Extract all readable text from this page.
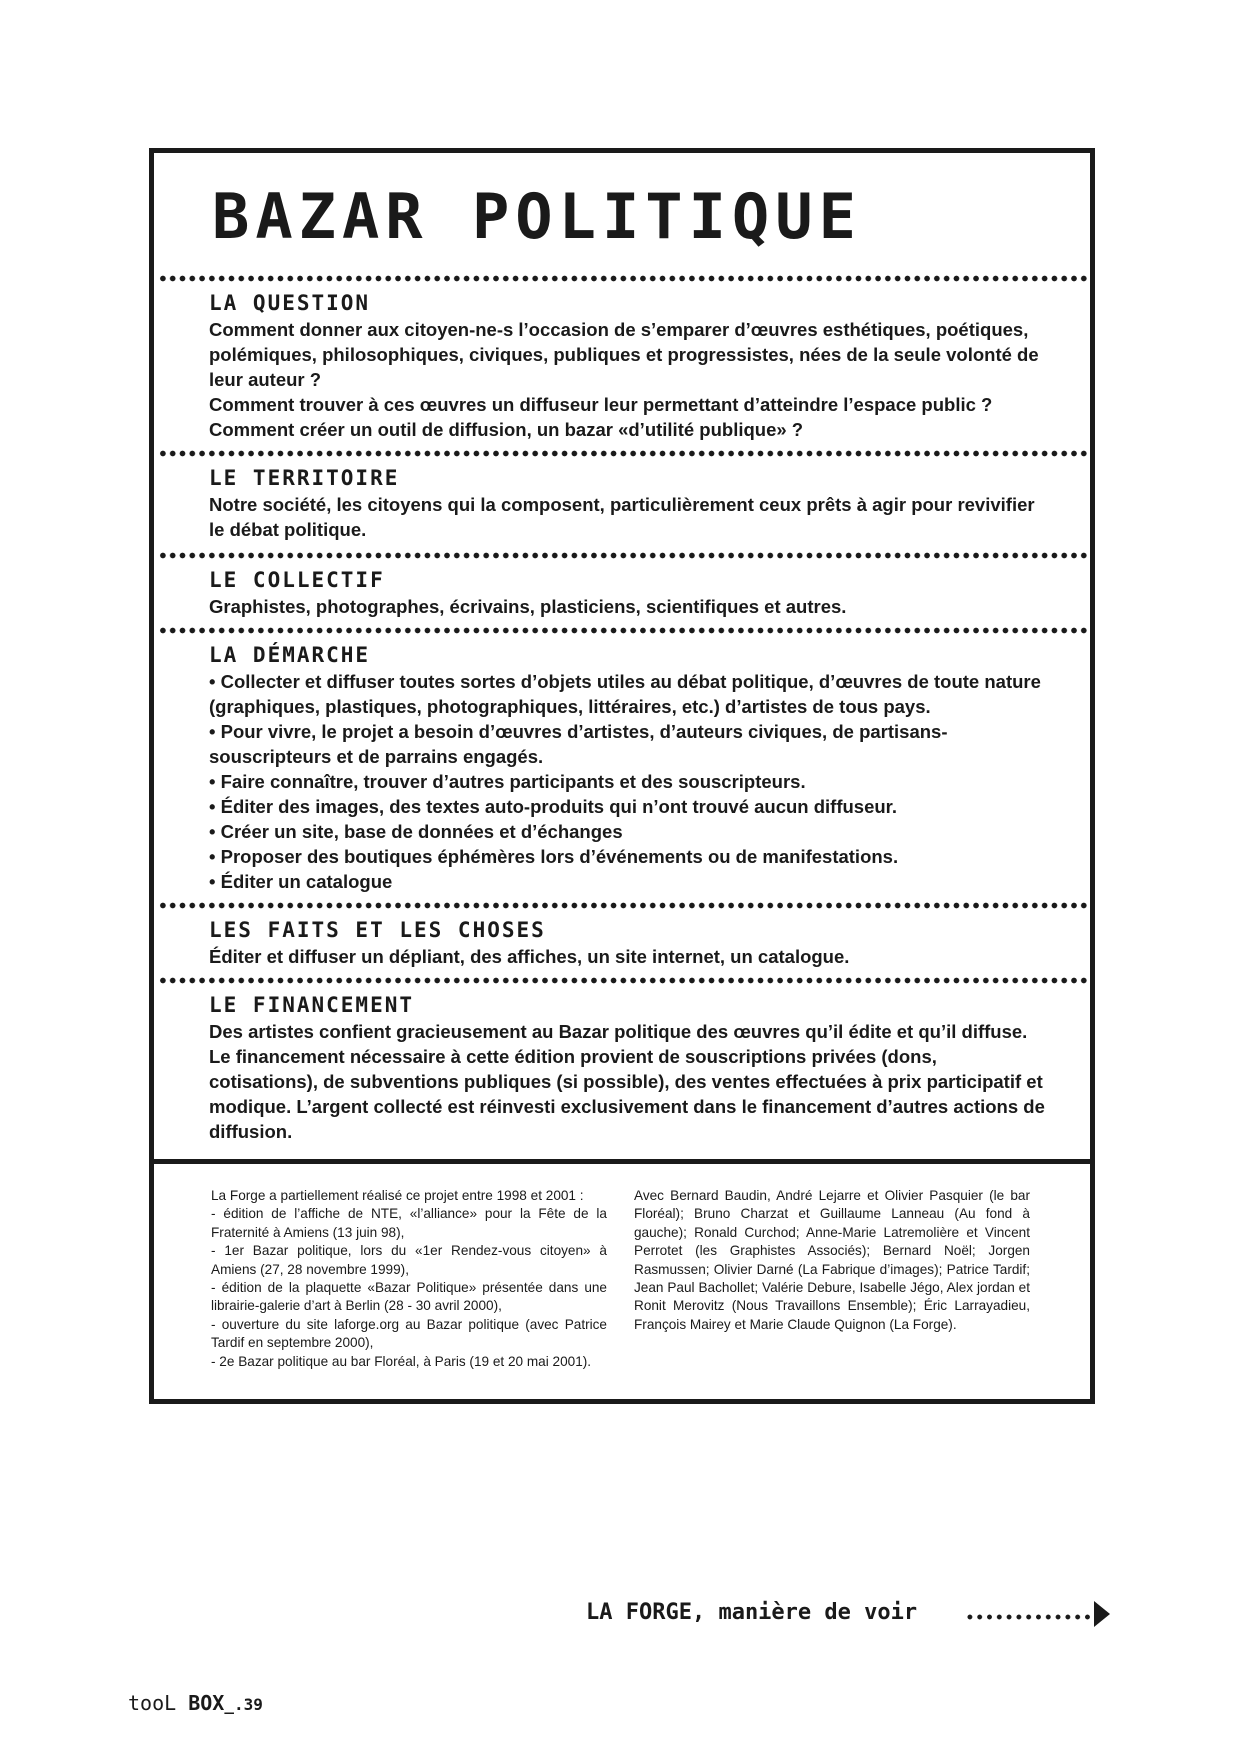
BAZAR POLITIQUE
LA QUESTION

Comment donner aux citoyen-ne-s l’occasion de s’emparer d’œuvres esthétiques, poétiques, polémiques, philosophiques, civiques, publiques et progressistes, nées de la seule volonté de leur auteur ?

Comment trouver à ces œuvres un diffuseur leur permettant d’atteindre l’espace public ?

Comment créer un outil de diffusion, un bazar «d’utilité publique» ?

LE TERRITOIRE

Notre société, les citoyens qui la composent, particulièrement ceux prêts à agir pour revivifier le débat politique.

LE COLLECTIF

Graphistes, photographes, écrivains, plasticiens, scientifiques et autres.

LA DÉMARCHE

• Collecter et diffuser toutes sortes d’objets utiles au débat politique, d’œuvres de toute nature (graphiques, plastiques, photographiques, littéraires, etc.) d’artistes de tous pays.

• Pour vivre, le projet a besoin d’œuvres d’artistes, d’auteurs civiques, de partisans-souscripteurs et de parrains engagés.

• Faire connaître, trouver d’autres participants et des souscripteurs.

• Éditer des images, des textes auto-produits qui n’ont trouvé aucun diffuseur.

• Créer un site, base de données et d’échanges

• Proposer des boutiques éphémères lors d’événements ou de manifestations.

• Éditer un catalogue

LES FAITS ET LES CHOSES

Éditer et diffuser un dépliant, des affiches, un site internet, un catalogue.

LE FINANCEMENT

Des artistes confient gracieusement au Bazar politique des œuvres qu’il édite et qu’il diffuse. Le financement nécessaire à cette édition provient de souscriptions privées (dons, cotisations), de subventions publiques (si possible), des ventes effectuées à prix participatif et modique. L’argent collecté est réinvesti exclusivement dans le financement d’autres actions de diffusion.

La Forge a partiellement réalisé ce projet entre 1998 et 2001 :

- édition de l’affiche de NTE, «l’alliance» pour la Fête de la Fraternité à Amiens (13 juin 98),

- 1er Bazar politique, lors du «1er Rendez-vous citoyen» à Amiens (27, 28 novembre 1999),

- édition de la plaquette «Bazar Politique» présentée dans une librairie-galerie d’art à Berlin (28 - 30 avril 2000),

- ouverture du site laforge.org au Bazar politique (avec Patrice Tardif en septembre 2000),

- 2e Bazar politique au bar Floréal, à Paris (19 et 20 mai 2001).

Avec Bernard Baudin, André Lejarre et Olivier Pasquier (le bar Floréal); Bruno Charzat et Guillaume Lanneau (Au fond à gauche); Ronald Curchod; Anne-Marie Latremolière et Vincent Perrotet (les Graphistes Associés); Bernard Noël; Jorgen Rasmussen; Olivier Darné (La Fabrique d’images); Patrice Tardif; Jean Paul Bachollet; Valérie Debure, Isabelle Jégo, Alex jordan et Ronit Merovitz (Nous Travaillons Ensemble); Éric Larrayadieu, François Mairey et Marie Claude Quignon (La Forge).

LA FORGE, manière de voir
tooL BOX_.39
